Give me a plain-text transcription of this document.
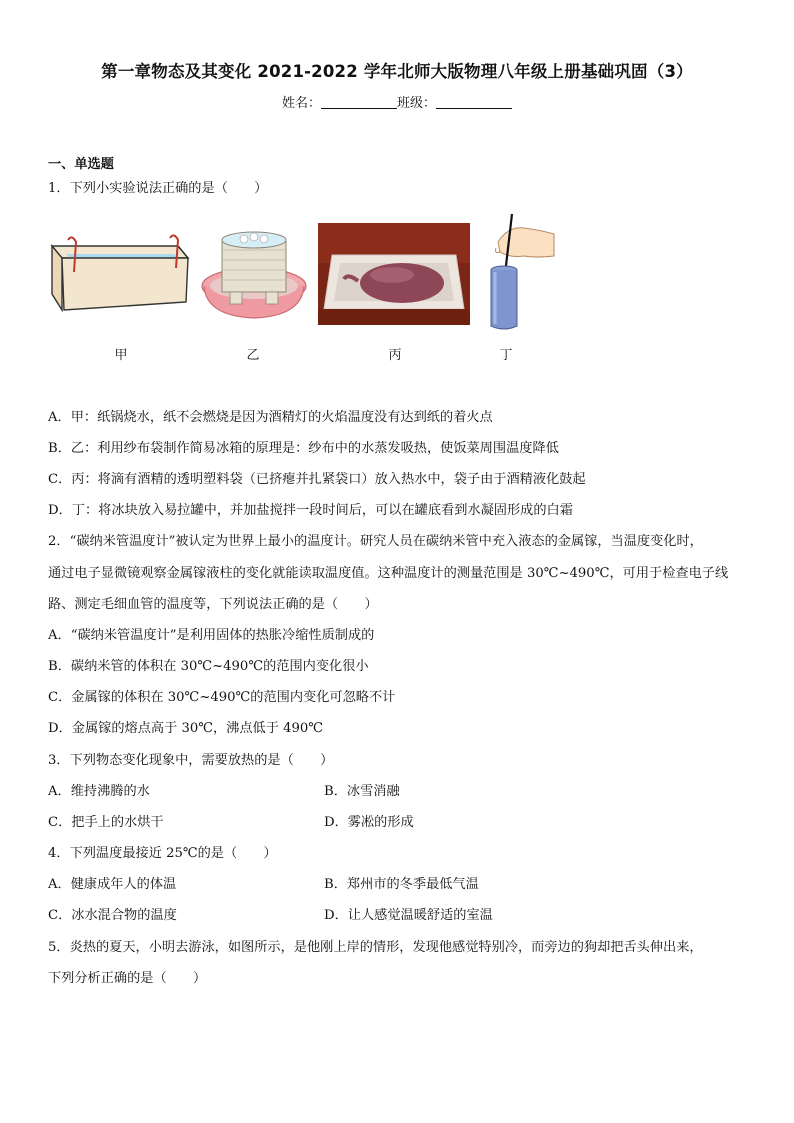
第一章物态及其变化 2021-2022 学年北师大版物理八年级上册基础巩固（3）
姓名：	班级：
一、单选题
1．下列小实验说法正确的是（　　）
甲	乙	丙	丁
A．甲：纸锅烧水，纸不会燃烧是因为酒精灯的火焰温度没有达到纸的着火点
B．乙：利用纱布袋制作简易冰箱的原理是：纱布中的水蒸发吸热，使饭菜周围温度降低
C．丙：将滴有酒精的透明塑料袋（已挤瘪并扎紧袋口）放入热水中，袋子由于酒精液化鼓起
D．丁：将冰块放入易拉罐中，并加盐搅拌一段时间后，可以在罐底看到水凝固形成的白霜
2．“碳纳米管温度计”被认定为世界上最小的温度计。研究人员在碳纳米管中充入液态的金属镓，当温度变化时，
通过电子显微镜观察金属镓液柱的变化就能读取温度值。这种温度计的测量范围是 30℃~490℃，可用于检查电子线
路、测定毛细血管的温度等，下列说法正确的是（　　）
A．“碳纳米管温度计”是利用固体的热胀冷缩性质制成的
B．碳纳米管的体积在 30℃~490℃的范围内变化很小
C．金属镓的体积在 30℃~490℃的范围内变化可忽略不计
D．金属镓的熔点高于 30℃，沸点低于 490℃
3．下列物态变化现象中，需要放热的是（　　）
A．维持沸腾的水	B．冰雪消融
C．把手上的水烘干	D．雾凇的形成
4．下列温度最接近 25℃的是（　　）
A．健康成年人的体温	B．郑州市的冬季最低气温
C．冰水混合物的温度	D．让人感觉温暖舒适的室温
5．炎热的夏天，小明去游泳，如图所示，是他刚上岸的情形，发现他感觉特别冷，而旁边的狗却把舌头伸出来，
下列分析正确的是（　　）
